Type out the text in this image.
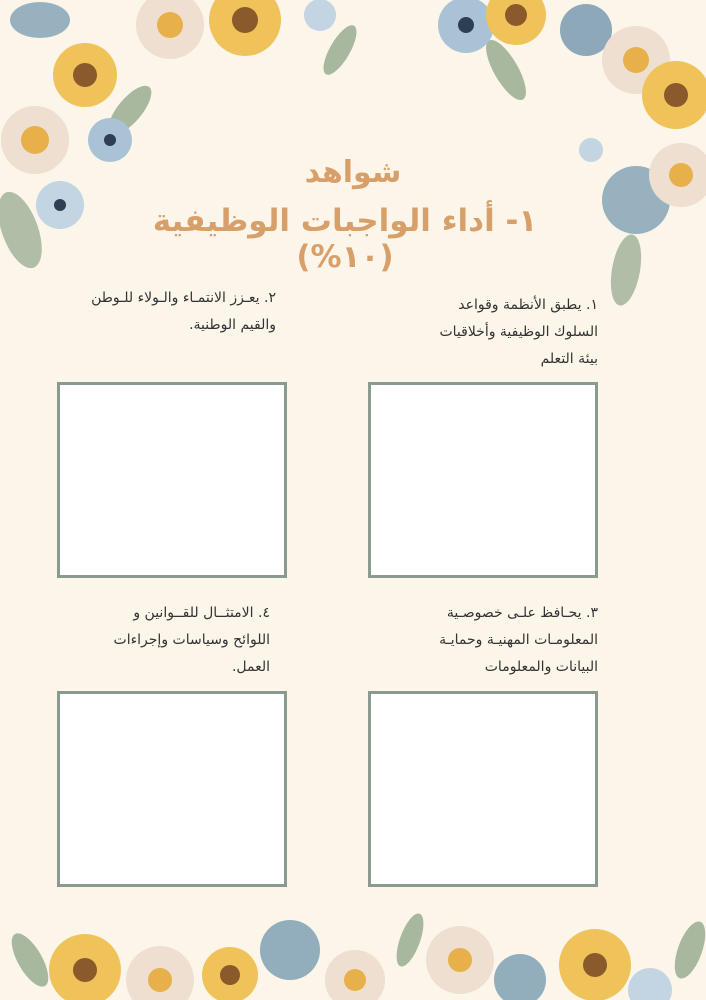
شواهد
١- أداء الواجبات الوظيفية (١٠%)
١. يطبق الأنظمة وقواعد
السلوك الوظيفية وأخلاقيات
بيئة التعلم
٢. يعـزز الانتمـاء والـولاء للـوطن
والقيم الوطنية.
٣. يحـافظ علـى خصوصـية
المعلومـات المهنيـة وحمايـة
البيانات والمعلومات
٤. الامتثــال للقــوانين و
اللوائح وسياسات وإجراءات
العمل.
